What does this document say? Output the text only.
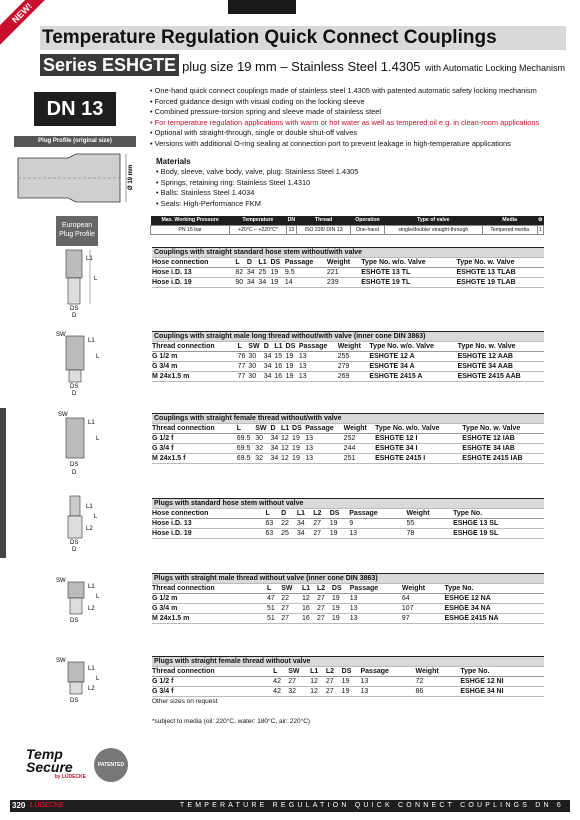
NEW!
Temperature Regulation Quick Connect Couplings
Series ESHGTE plug size 19 mm – Stainless Steel 1.4305 with Automatic Locking Mechanism
DN 13
Plug Profile (original size)
Ø 19 mm
European Plug Profile
• One-hand quick connect couplings made of stainless steel 1.4305 with patented automatic safety locking mechanism
• Forced guidance design with visual coding on the locking sleeve
• Combined pressure-torsion spring and sleeve made of stainless steel
• For temperature regulation applications with warm or hot water as well as tempered oil e.g. in clean-room applications
• Optional with straight-through, single or double shut-off valves
• Versions with additional O-ring sealing at connection port to prevent leakage in high-temperature applications
Materials
• Body, sleeve, valve body, valve, plug: Stainless Steel 1.4305
• Springs, retaining ring: Stainless Steel 1.4310
• Balls: Stainless Steel 1.4034
• Seals: High-Performance FKM
Max. Working Pressure	Temperature	DN	Thread	Operation	Type of valve	Media	⚙
PN 15 bar	+20°C – +220°C*	13	ISO 228/ DIN 13	One-hand	single/double/ straight-through	Tempered media	1
L1
L
DS
D
SW
L1
L
DS
D
SW
L1
L
DS
D
L1
L
L2
DS
D
SW
L1
L
L2
DS
SW
L1
L
L2
DS
Couplings with straight standard hose stem without/with valve								
Hose connection	L	D	L1	DS	Passage	Weight	Type No. w/o. Valve	Type No. w. Valve
Hose i.D. 13	82	34	25	19	9.5	221	ESHGTE 13 TL	ESHGTE 13 TLAB
Hose i.D. 19	90	34	34	19	14	239	ESHGTE 19 TL	ESHGTE 19 TLAB
Couplings with straight male long thread without/with valve (inner cone DIN 3863)									
Thread connection	L	SW	D	L1	DS	Passage	Weight	Type No. w/o. Valve	Type No. w. Valve
G 1/2 m	76	30	34	15	19	13	255	ESHGTE 12 A	ESHGTE 12 AAB
G 3/4 m	77	30	34	16	19	13	279	ESHGTE 34 A	ESHGTE 34 AAB
M 24x1.5 m	77	30	34	16	19	13	269	ESHGTE 2415 A	ESHGTE 2415 AAB
Couplings with straight female thread without/with valve									
Thread connection	L	SW	D	L1	DS	Passage	Weight	Type No. w/o. Valve	Type No. w. Valve
G 1/2 f	69.5	30	34	12	19	13	252	ESHGTE 12 I	ESHGTE 12 IAB
G 3/4 f	69.5	32	34	12	19	13	244	ESHGTE 34 I	ESHGTE 34 IAB
M 24x1.5 f	69.5	32	34	12	19	13	251	ESHGTE 2415 I	ESHGTE 2415 IAB
Plugs with standard hose stem without valve								
Hose connection	L	D	L1	L2	DS	Passage	Weight	Type No.
Hose i.D. 13	63	22	34	27	19	9	55	ESHGE 13 SL
Hose i.D. 19	63	25	34	27	19	13	78	ESHGE 19 SL
Plugs with straight male thread without valve (inner cone DIN 3863)								
Thread connection	L	SW	L1	L2	DS	Passage	Weight	Type No.
G 1/2 m	47	22	12	27	19	13	64	ESHGE 12 NA
G 3/4 m	51	27	16	27	19	13	107	ESHGE 34 NA
M 24x1.5 m	51	27	16	27	19	13	97	ESHGE 2415 NA
Plugs with straight female thread without valve								
Thread connection	L	SW	L1	L2	DS	Passage	Weight	Type No.
G 1/2 f	42	27	12	27	19	13	72	ESHGE 12 NI
G 3/4 f	42	32	12	27	19	13	86	ESHGE 34 NI
Other sizes on request								
*subject to media (oil: 220°C, water: 180°C, air: 220°C)
Temp
Secure
by LÜDECKE
PATENTED
320 LÜDECKE	TEMPERATURE REGULATION QUICK CONNECT COUPLINGS DN 6
